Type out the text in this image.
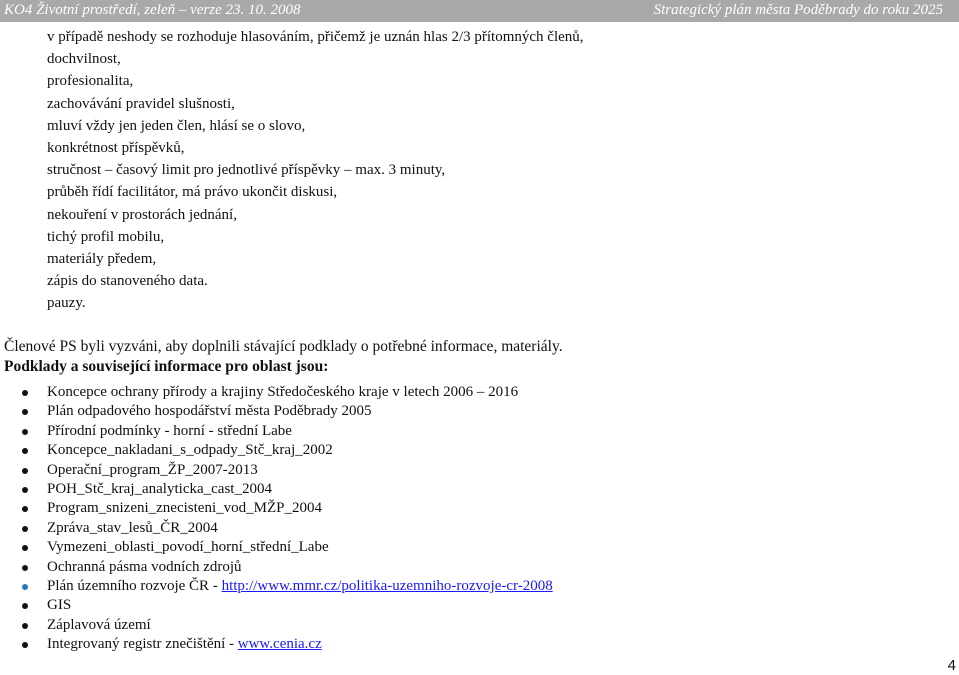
KO4 Životní prostředí, zeleň – verze 23. 10. 2008	Strategický plán města Poděbrady do roku 2025
v případě neshody se rozhoduje hlasováním, přičemž je uznán hlas 2/3 přítomných členů,
dochvilnost,
profesionalita,
zachovávání pravidel slušnosti,
mluví vždy jen jeden člen, hlásí se o slovo,
konkrétnost příspěvků,
stručnost – časový limit pro jednotlivé příspěvky – max. 3 minuty,
průběh řídí facilitátor, má právo ukončit diskusi,
nekouření v prostorách jednání,
tichý profil mobilu,
materiály předem,
zápis do stanoveného data.
pauzy.
Členové PS byli vyzváni, aby doplnili stávající podklady o potřebné informace, materiály.
Podklady a související informace pro oblast jsou:
Koncepce ochrany přírody a krajiny Středočeského kraje v letech 2006 – 2016
Plán odpadového hospodářství města Poděbrady 2005
Přírodní podmínky - horní - střední Labe
Koncepce_nakladani_s_odpady_Stč_kraj_2002
Operační_program_ŽP_2007-2013
POH_Stč_kraj_analyticka_cast_2004
Program_snizeni_znecisteni_vod_MŽP_2004
Zpráva_stav_lesů_ČR_2004
Vymezeni_oblasti_povodí_horní_střední_Labe
Ochranná pásma vodních zdrojů
Plán územního rozvoje ČR - http://www.mmr.cz/politika-uzemniho-rozvoje-cr-2008
GIS
Záplavová území
Integrovaný registr znečištění - www.cenia.cz
4
